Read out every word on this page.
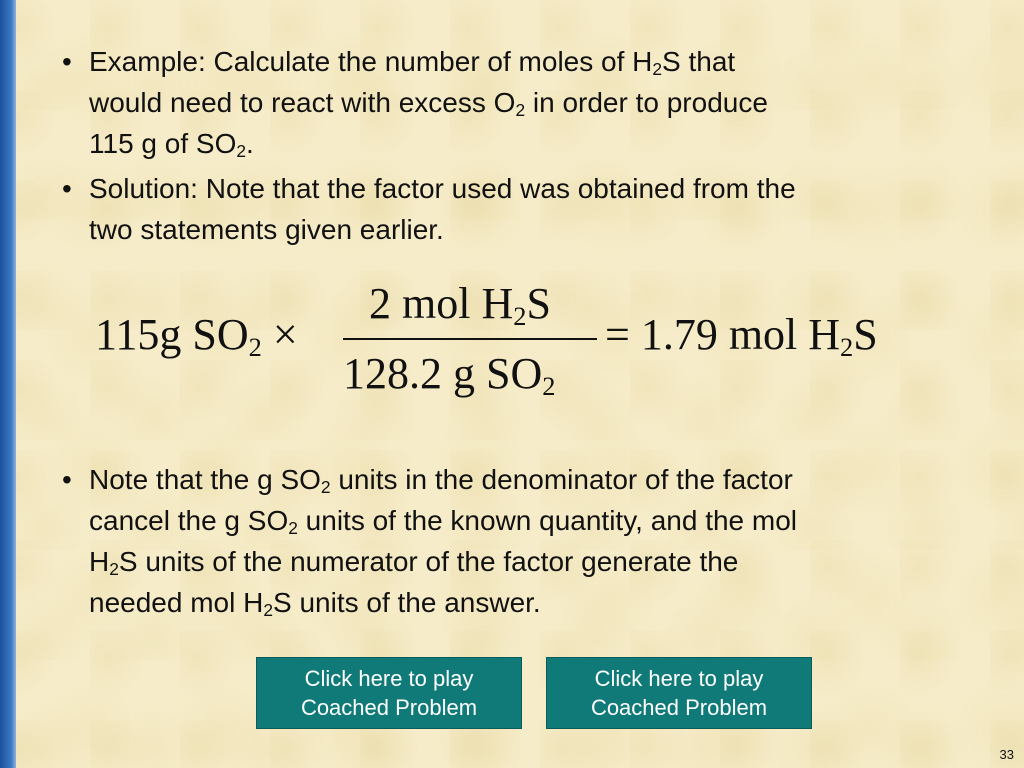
• Example: Calculate the number of moles of $H_2S$ that
would need to react with excess $O_2$ in order to produce
115 g of $SO_2$.
• Solution: Note that the factor used was obtained from the
two statements given earlier.
115g $SO_2$ ×
2 mol $H_2S$
128.2 g $SO_2$
= 1.79 mol $H_2S$
• Note that the g $SO_2$ units in the denominator of the factor
cancel the g $SO_2$ units of the known quantity, and the mol
$H_2S$ units of the numerator of the factor generate the
needed mol $H_2S$ units of the answer.
Click here to play
Coached Problem
Click here to play
Coached Problem
33
